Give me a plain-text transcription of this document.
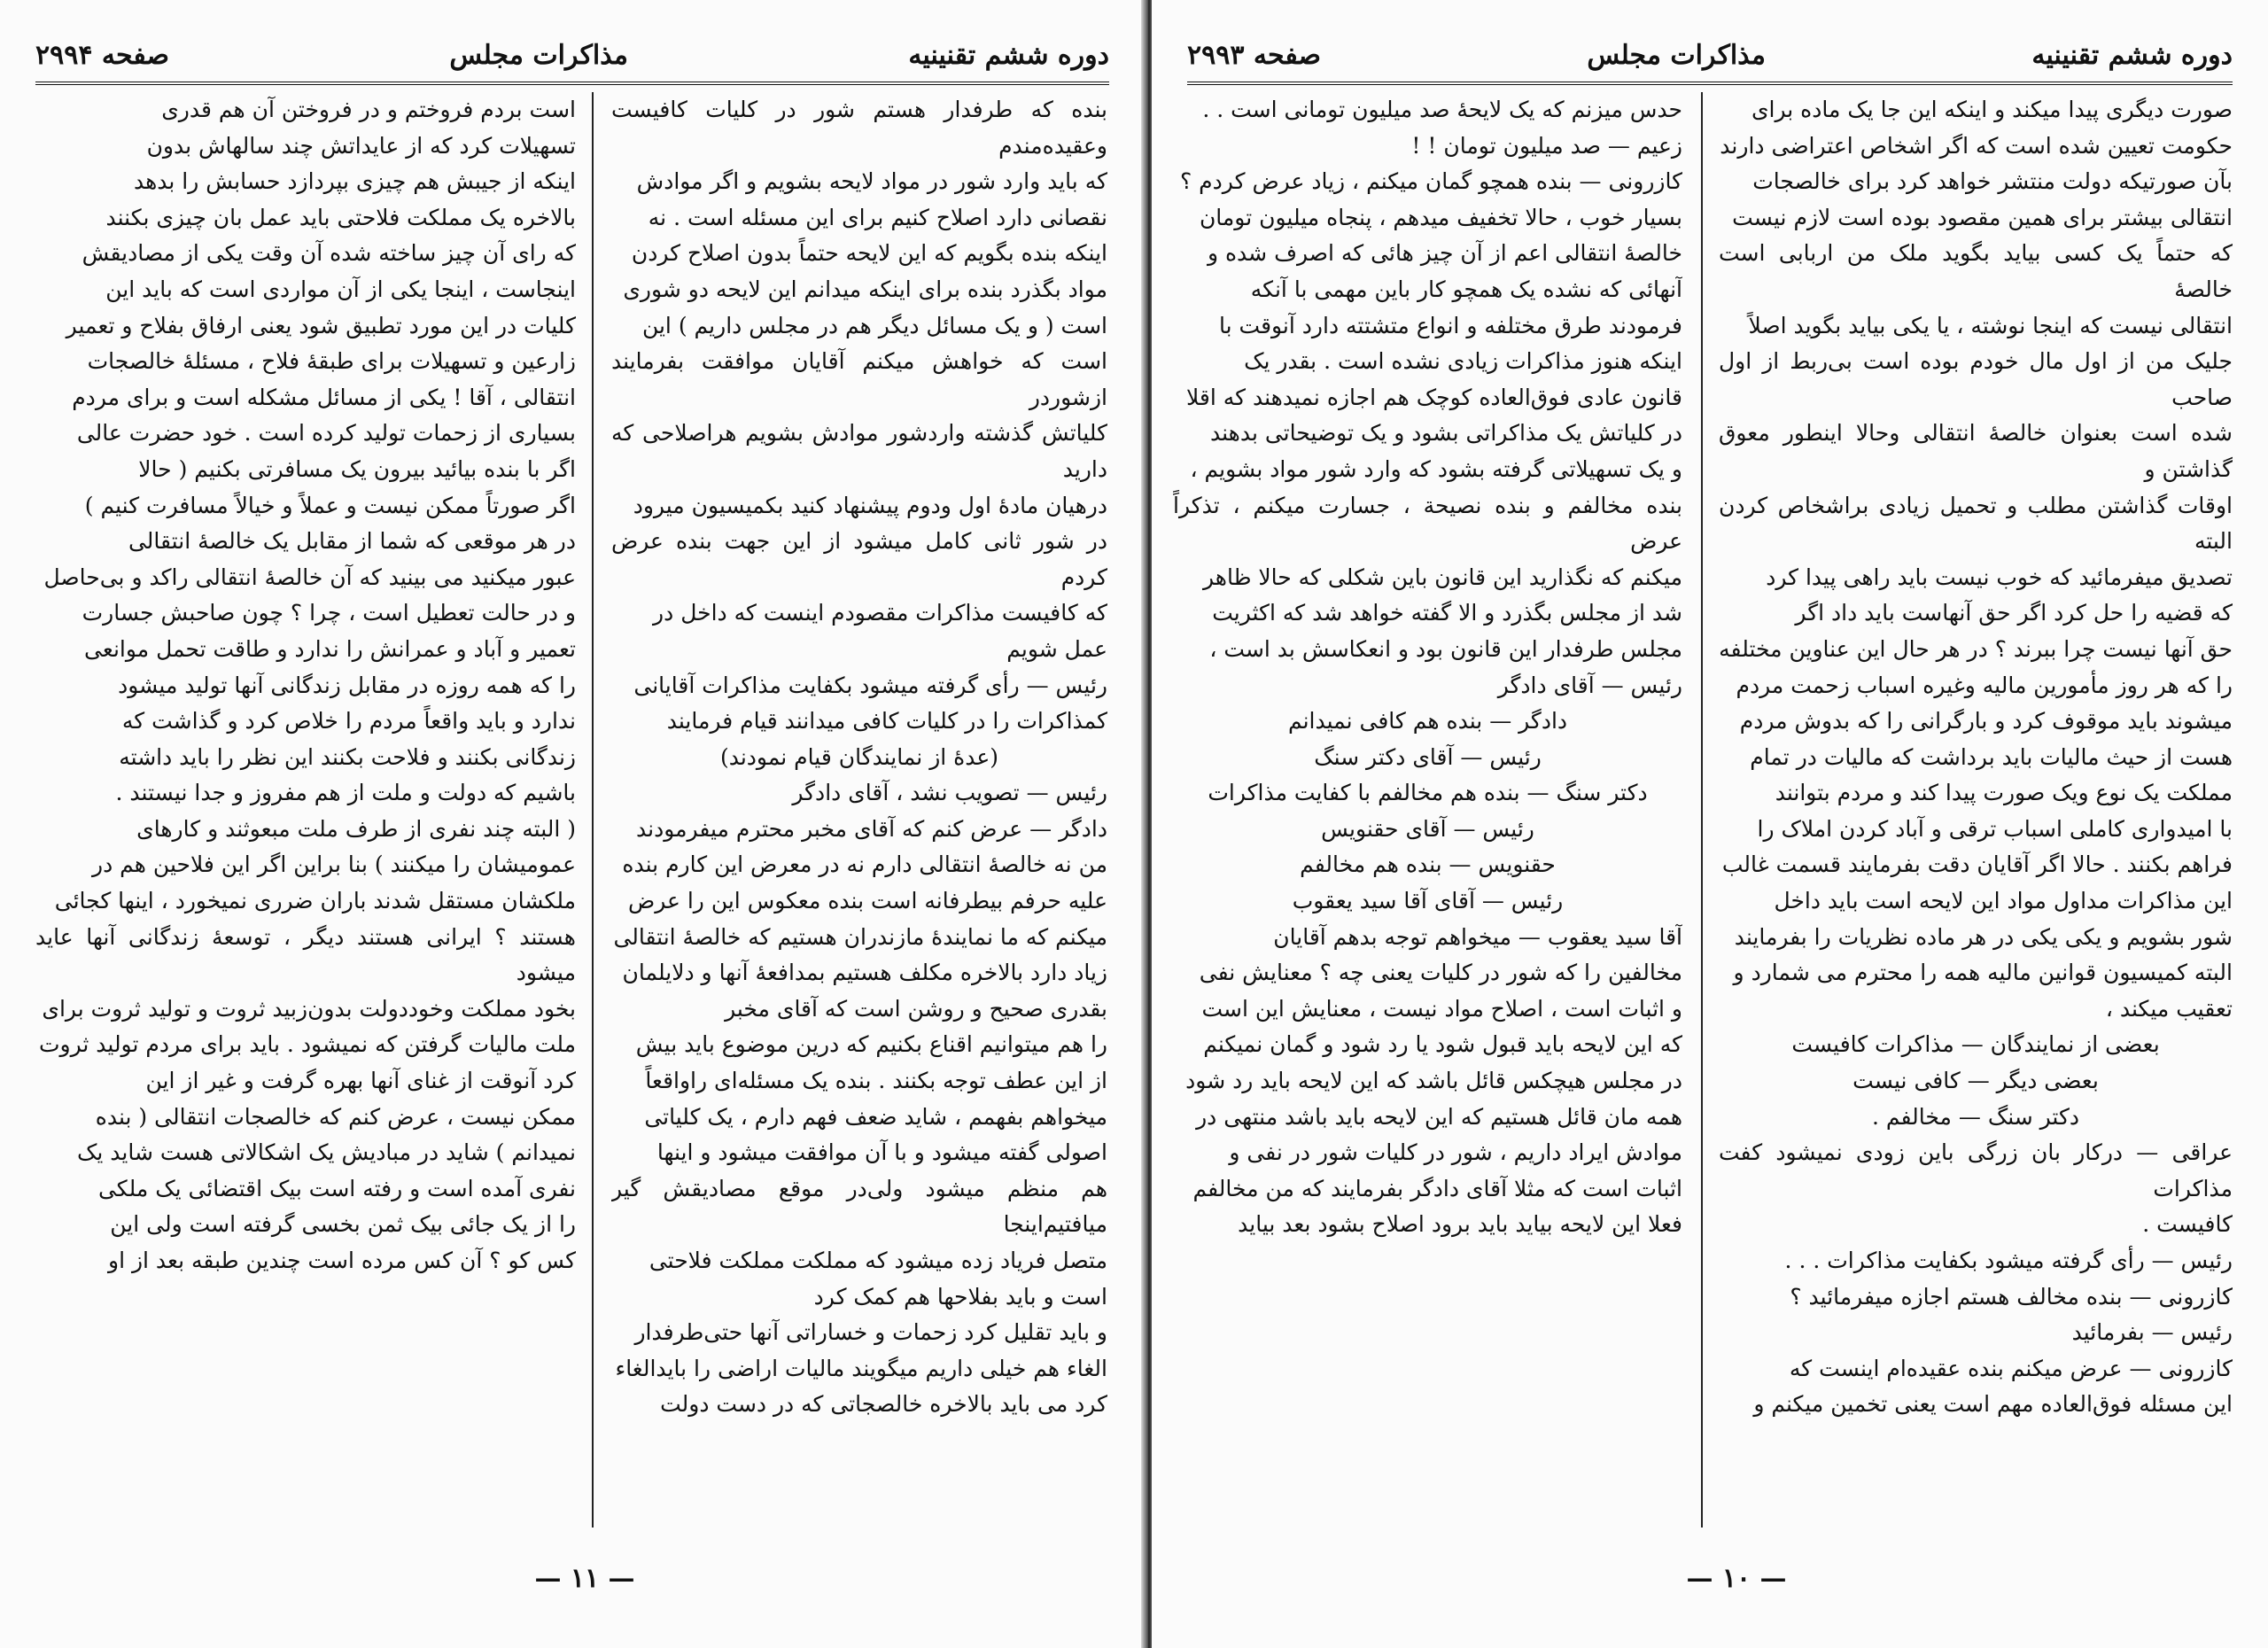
دوره ششم تقنینیه
مذاکرات مجلس
صفحه ۲۹۹۴

بنده که طرفدار هستم شور در کلیات کافیست وعقیده‌مندم

که باید وارد شور در مواد لایحه بشویم و اگر موادش

نقصانی دارد اصلاح کنیم برای این مسئله است . نه

اینکه بنده بگویم که این لایحه حتماً بدون اصلاح کردن

مواد بگذرد بنده برای اینکه میدانم این لایحه دو شوری

است ( و یک مسائل دیگر هم در مجلس داریم ) این

است که خواهش میکنم آقایان موافقت بفرمایند ازشوردر

کلیاتش گذشته واردشور موادش بشویم هراصلاحی که دارید

درهیان مادهٔ اول ودوم پیشنهاد کنید بکمیسیون میرود

در شور ثانی کامل میشود از این جهت بنده عرض کردم

که کافیست مذاکرات مقصودم اینست که داخل در

عمل شویم

رئیس — رأی گرفته میشود بکفایت مذاکرات آقایانی

کمذاکرات را در کلیات کافی میدانند قیام فرمایند

(عدهٔ از نمایندگان قیام نمودند)

رئیس — تصویب نشد ، آقای دادگر

دادگر — عرض کنم که آقای مخبر محترم میفرمودند

من نه خالصهٔ انتقالی دارم نه در معرض این کارم بنده

علیه حرفم بیطرفانه است بنده معکوس این را عرض

میکنم که ما نمایندهٔ مازندران هستیم که خالصهٔ انتقالی

زیاد دارد بالاخره مکلف هستیم بمدافعهٔ آنها و دلایلمان

بقدری صحیح و روشن است که آقای مخبر

را هم میتوانیم اقناع بکنیم که درین موضوع باید بیش

از این عطف توجه بکنند . بنده یک مسئله‌ای راواقعاً

میخواهم بفهمم ، شاید ضعف فهم دارم ، یک کلیاتی

اصولی گفته میشود و با آن موافقت میشود و اینها

هم منظم میشود ولی‌در موقع مصادیقش گیر میافتیم‌اینجا

متصل فریاد زده میشود که مملکت مملکت فلاحتی

است و باید بفلاحها هم کمک کرد

و باید تقلیل کرد زحمات و خساراتی آنها حتی‌طرفدار

الغاء هم خیلی داریم میگویند مالیات اراضی را بایدالغاء

کرد می باید بالاخره خالصجاتی که در دست دولت

است بردم فروختم و در فروختن آن هم قدری

تسهیلات کرد که از عایداتش چند سالهاش بدون

اینکه از جیبش هم چیزی بپردازد حسابش را بدهد

بالاخره یک مملکت فلاحتی باید عمل بان چیزی بکنند

که رای آن چیز ساخته شده آن وقت یکی از مصادیقش

اینجاست ، اینجا یکی از آن مواردی است که باید این

کلیات در این مورد تطبیق شود یعنی ارفاق بفلاح و تعمیر

زارعین و تسهیلات برای طبقهٔ فلاح ، مسئلهٔ خالصجات

انتقالی ، آقا ! یکی از مسائل مشکله است و برای مردم

بسیاری از زحمات تولید کرده است . خود حضرت عالی

اگر با بنده بیائید بیرون یک مسافرتی بکنیم ( حالا

اگر صورتاً ممکن نیست و عملاً و خیالاً مسافرت کنیم )

در هر موقعی که شما از مقابل یک خالصهٔ انتقالی

عبور میکنید می بینید که آن خالصهٔ انتقالی راکد و بی‌حاصل

و در حالت تعطیل است ، چرا ؟ چون صاحبش جسارت

تعمیر و آباد و عمرانش را ندارد و طاقت تحمل موانعی

را که همه روزه در مقابل زندگانی آنها تولید میشود

ندارد و باید واقعاً مردم را خلاص کرد و گذاشت که

زندگانی بکنند و فلاحت بکنند این نظر را باید داشته

باشیم که دولت و ملت از هم مفروز و جدا نیستند .

( البته چند نفری از طرف ملت مبعوثند و کارهای

عمومیشان را میکنند ) بنا براین اگر این فلاحین هم در

ملکشان مستقل شدند باران ضرری نمیخورد ، اینها کجائی

هستند ؟ ایرانی هستند دیگر ، توسعهٔ زندگانی آنها عاید میشود

بخود مملکت وخوددولت بدون‌زبید ثروت و تولید ثروت برای

ملت مالیات گرفتن که نمیشود . باید برای مردم تولید ثروت

کرد آنوقت از غنای آنها بهره گرفت و غیر از این

ممکن نیست ، عرض کنم که خالصجات انتقالی ( بنده

نمیدانم ) شاید در مبادیش یک اشکالاتی هست شاید یک

نفری آمده است و رفته است بیک اقتضائی یک ملکی

را از یک جائی بیک ثمن بخسی گرفته است ولی این

کس کو ؟ آن کس مرده است چندین طبقه بعد از او

— ۱۱ —
دوره ششم تقنینیه
مذاکرات مجلس
صفحه ۲۹۹۳

صورت دیگری پیدا میکند و اینکه این جا یک ماده برای

حکومت تعیین شده است که اگر اشخاص اعتراضی دارند

بآن صورتیکه دولت منتشر خواهد کرد برای خالصجات

انتقالی بیشتر برای همین مقصود بوده است لازم نیست

که حتماً یک کسی بیاید بگوید ملک من اربابی است خالصهٔ

انتقالی نیست که اینجا نوشته ، یا یکی بیاید بگوید اصلاً

جلیک من از اول مال خودم بوده است بی‌ربط از اول صاحب

شده است بعنوان خالصهٔ انتقالی وحالا اینطور معوق گذاشتن و

اوقات گذاشتن مطلب و تحمیل زیادی براشخاص کردن البته

تصدیق میفرمائید که خوب نیست باید راهی پیدا کرد

که قضیه را حل کرد اگر حق آنهاست باید داد اگر

حق آنها نیست چرا ببرند ؟ در هر حال این عناوین مختلفه

را که هر روز مأمورین مالیه وغیره اسباب زحمت مردم

میشوند باید موقوف کرد و بارگرانی را که بدوش مردم

هست از حیث مالیات باید برداشت که مالیات در تمام

مملکت یک نوع ویک صورت پیدا کند و مردم بتوانند

با امیدواری کاملی اسباب ترقی و آباد کردن املاک را

فراهم بکنند . حالا اگر آقایان دقت بفرمایند قسمت غالب

این مذاکرات مداول مواد این لایحه است باید داخل

شور بشویم و یکی یکی در هر ماده نظریات را بفرمایند

البته کمیسیون قوانین مالیه همه را محترم می شمارد و

تعقیب میکند ،

بعضی از نمایندگان — مذاکرات کافیست

بعضی دیگر — کافی نیست

دکتر سنگ — مخالفم .

عراقی — درکار بان زرگی باین زودی نمیشود کفت مذاکرات

کافیست .

رئیس — رأی گرفته میشود بکفایت مذاکرات . . .

کازرونی — بنده مخالف هستم اجازه میفرمائید ؟

رئیس — بفرمائید

کازرونی — عرض میکنم بنده عقیده‌ام اینست که

این مسئله فوق‌العاده مهم است یعنی تخمین میکنم و

حدس میزنم که یک لایحهٔ صد میلیون تومانی است . .

زعیم — صد میلیون تومان ! !

کازرونی — بنده همچو گمان میکنم ، زیاد عرض کردم ؟

بسیار خوب ، حالا تخفیف میدهم ، پنجاه میلیون تومان

خالصهٔ انتقالی اعم از آن چیز هائی که اصرف شده و

آنهائی که نشده یک همچو کار باین مهمی با آنکه

فرمودند طرق مختلفه و انواع متشتته دارد آنوقت با

اینکه هنوز مذاکرات زیادی نشده است . بقدر یک

قانون عادی فوق‌العاده کوچک هم اجازه نمیدهند که اقلا

در کلیاتش یک مذاکراتی بشود و یک توضیحاتی بدهند

و یک تسهیلاتی گرفته بشود که وارد شور مواد بشویم ،

بنده مخالفم و بنده نصیحة ، جسارت میکنم ، تذکراً عرض

میکنم که نگذارید این قانون باین شکلی که حالا ظاهر

شد از مجلس بگذرد و الا گفته خواهد شد که اکثریت

مجلس طرفدار این قانون بود و انعکاسش بد است ،

رئیس — آقای دادگر

دادگر — بنده هم کافی نمیدانم

رئیس — آقای دکتر سنگ

دکتر سنگ — بنده هم مخالفم با کفایت مذاکرات

رئیس — آقای حقنویس

حقنویس — بنده هم مخالفم

رئیس — آقای آقا سید یعقوب

آقا سید یعقوب — میخواهم توجه بدهم آقایان

مخالفین را که شور در کلیات یعنی چه ؟ معنایش نفی

و اثبات است ، اصلاح مواد نیست ، معنایش این است

که این لایحه باید قبول شود یا رد شود و گمان نمیکنم

در مجلس هیچکس قائل باشد که این لایحه باید رد شود

همه مان قائل هستیم که این لایحه باید باشد منتهی در

موادش ایراد داریم ، شور در کلیات شور در نفی و

اثبات است که مثلا آقای دادگر بفرمایند که من مخالفم

فعلا این لایحه بیاید باید برود اصلاح بشود بعد بیاید

— ۱۰ —
